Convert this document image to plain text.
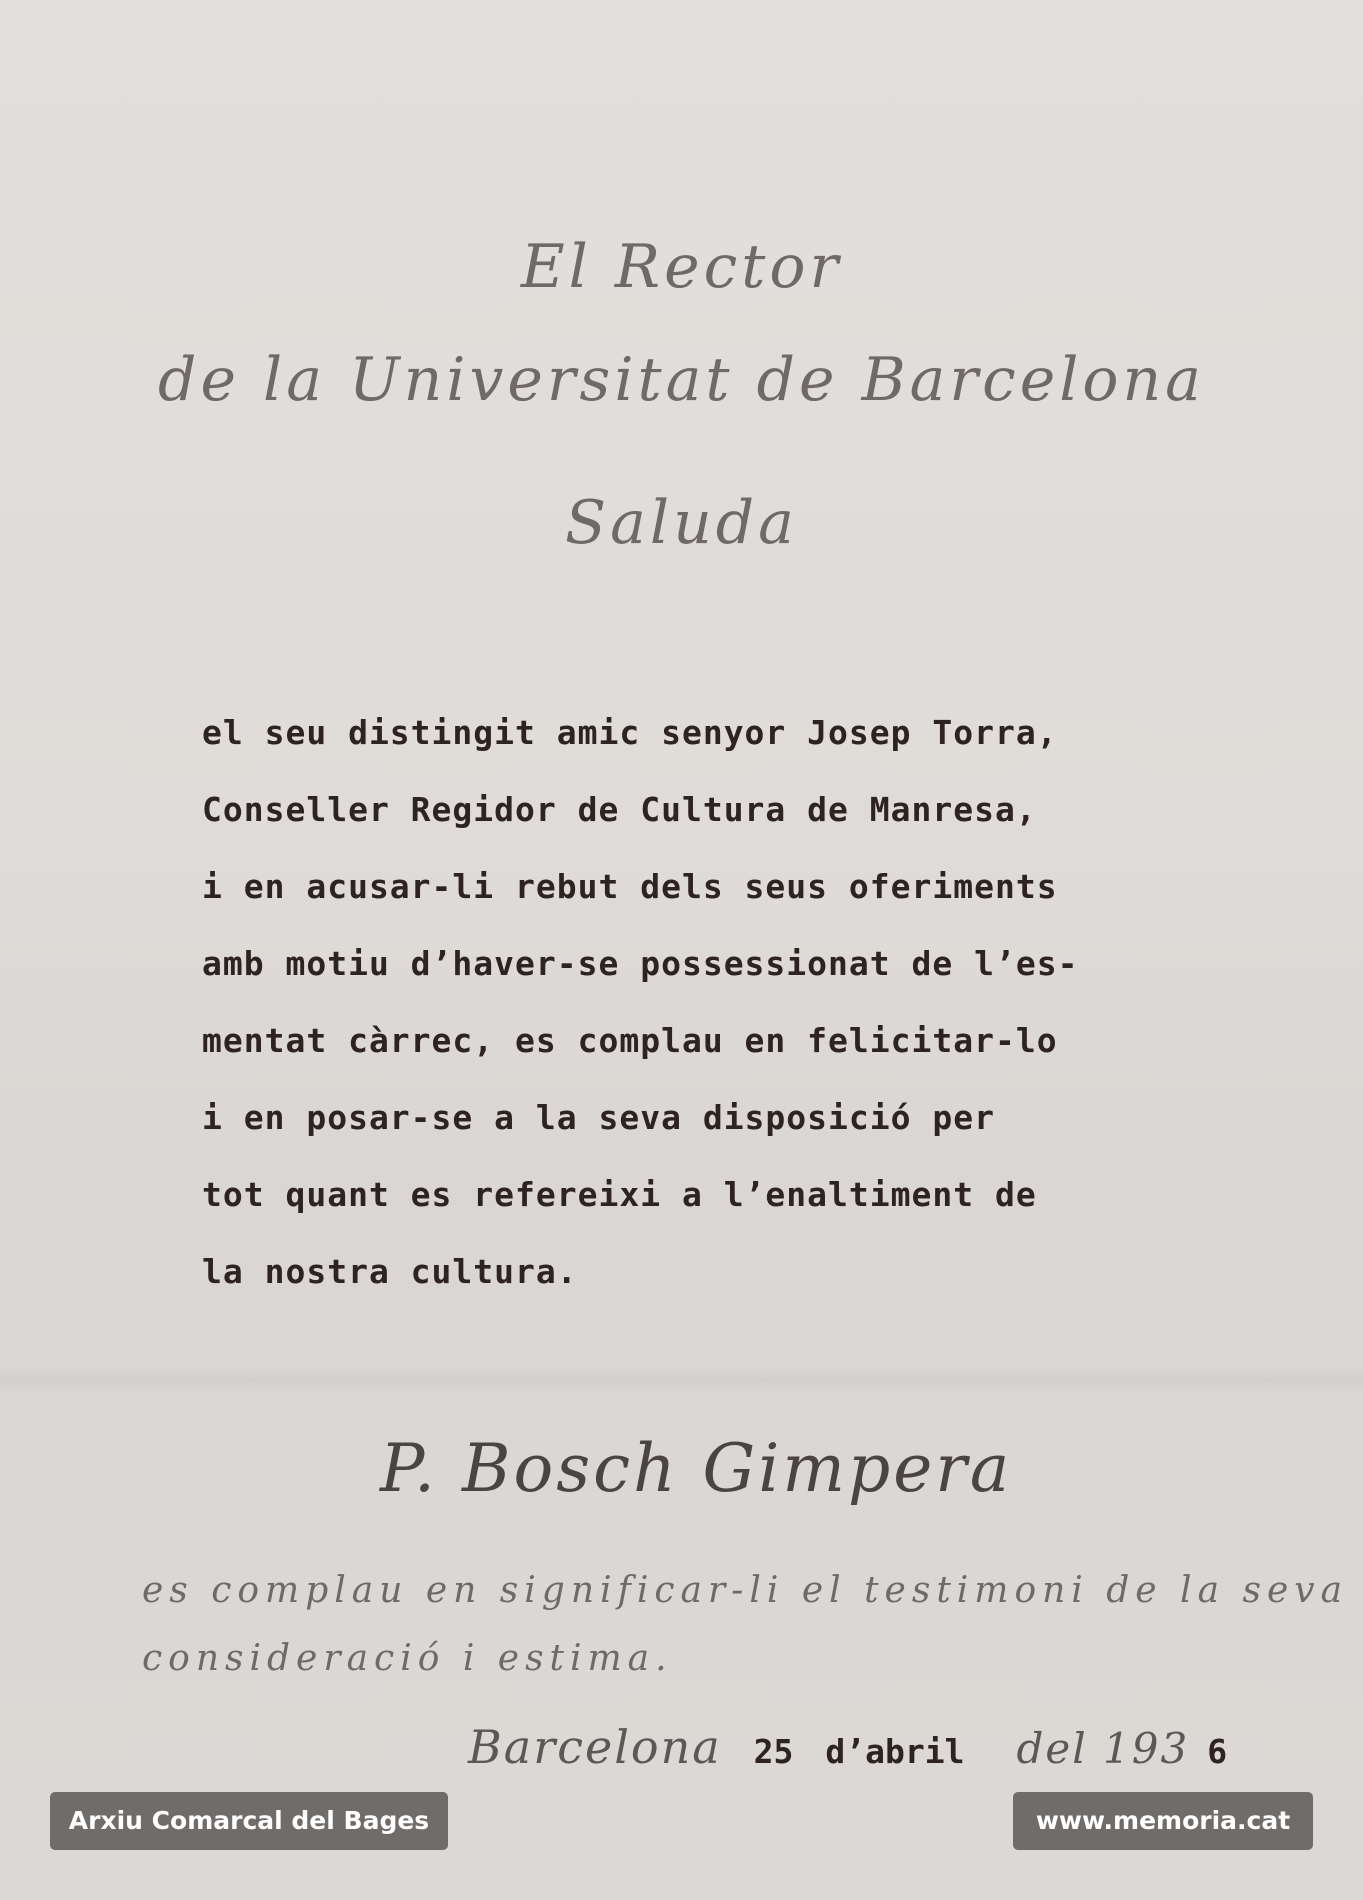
El Rector
de la Universitat de Barcelona
Saluda
el seu distingit amic senyor Josep Torra,
Conseller Regidor de Cultura de Manresa,
i en acusar-li rebut dels seus oferiments
amb motiu d’haver-se possessionat de l’es-
mentat càrrec, es complau en felicitar-lo
i en posar-se a la seva disposició per
tot quant es refereixi a l’enaltiment de
la nostra cultura.
P. Bosch Gimpera
es complau en significar-li el testimoni de la seva
consideració i estima.
Barcelona 25 d’abril del 193 6
Arxiu Comarcal del Bages	www.memoria.cat
